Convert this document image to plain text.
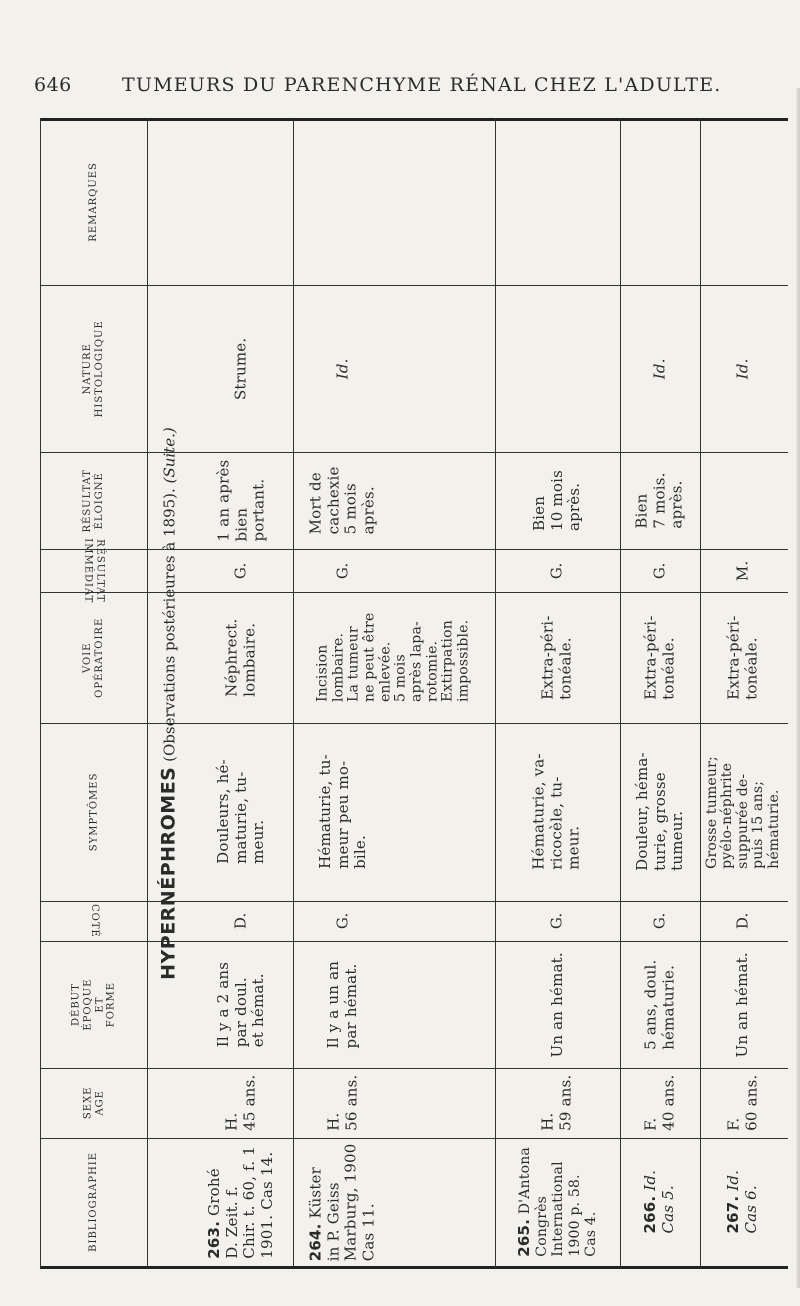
646	TUMEURS DU PARENCHYME RÉNAL CHEZ L'ADULTE.
REMARQUES
NATURE
HISTOLOGIQUE
RÉSULTAT
ÉLOIGNÉ
RÉSULTAT
IMMÉDIAT
VOIE
OPÉRATOIRE
SYMPTÔMES
COTÉ
DÉBUT
ÉPOQUE
ET
FORME
SEXE
AGE
BIBLIOGRAPHIE

HYPERNÉPHROMES (Observations postérieures à 1895). (Suite.)

Strume.
1 an après
bien
portant.
G.
Néphrect.
lombaire.
Douleurs, hé-
maturie, tu-
meur.
D.
Il y a 2 ans
par doul.
et hémat.
H.
45 ans.
263. Grohé
D. Zeit. f.
Chir. t. 60, f. 1
1901. Cas 14.
Id.
Mort de
cachexie
5 mois
après.
G.
Incision
lombaire.
La tumeur
ne peut être
enlevée.
5 mois
après lapa-
rotomie.
Extirpation
impossible.
Hématurie, tu-
meur peu mo-
bile.
G.
Il y a un an
par hémat.
H.
56 ans.
264. Küster
in P. Geiss
Marburg, 1900
Cas 11.
Bien
10 mois
après.
G.
Extra-péri-
tonéale.
Hématurie, va-
ricocèle, tu-
meur.
G.
Un an hémat.
H.
59 ans.
265. D'Antona
Congrès
International
1900 p. 58.
Cas 4.
Id.
Bien
7 mois.
après.
G.
Extra-péri-
tonéale.
Douleur, héma-
turie, grosse
tumeur.
G.
5 ans, doul.
hématurie.
F.
40 ans.
266. Id.
Cas 5.
Id.
M.
Extra-péri-
tonéale.
Grosse tumeur;
pyélo-néphrite
suppurée de-
puis 15 ans;
hématurie.
D.
Un an hémat.
F.
60 ans.
267. Id.
Cas 6.
